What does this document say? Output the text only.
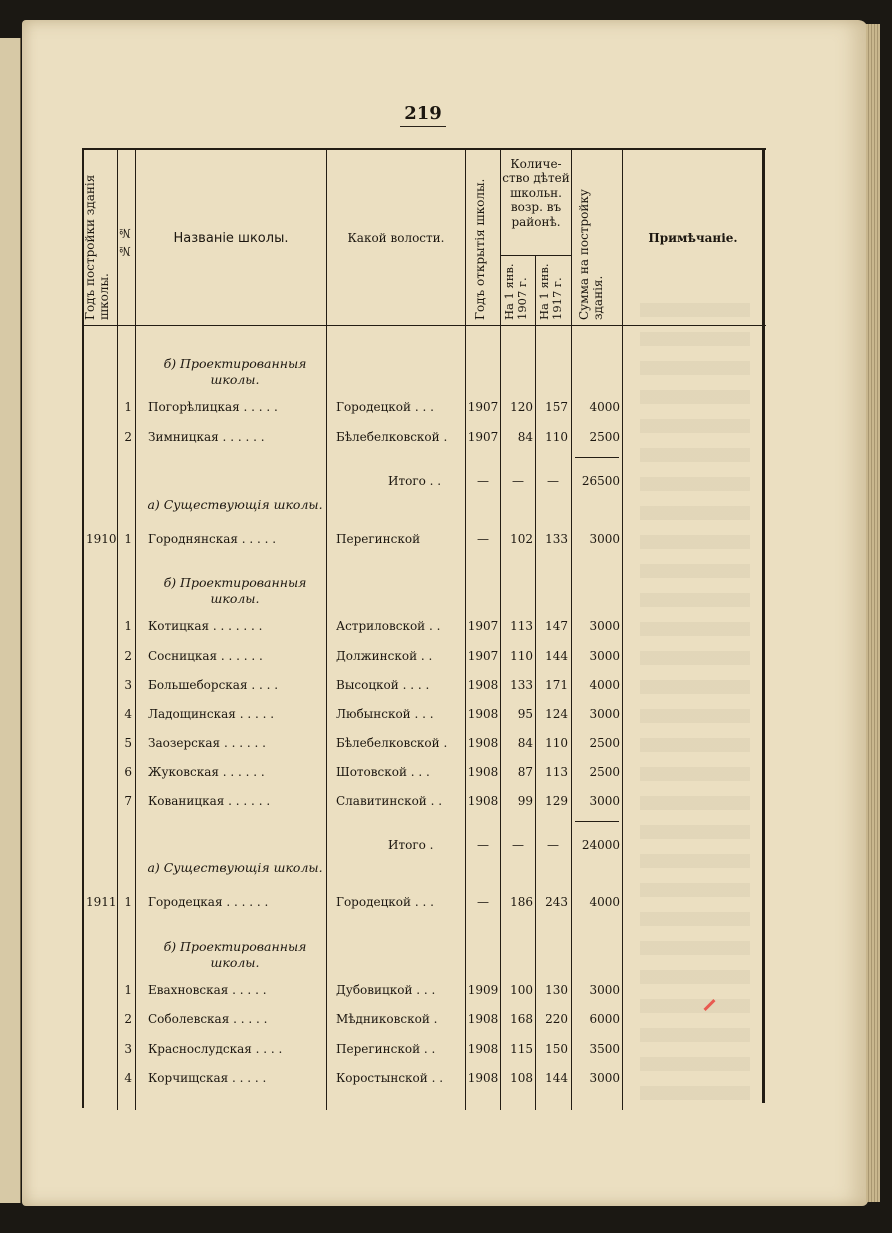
219
Годъ постройки зданія школы.
№ №	Названіе школы.	Какой волости.	Годъ открытія школы.
Количе-ство дѣтей школьн. возр. въ районѣ.
На 1 янв. 1907 г. На 1 янв. 1917 г.	Сумма на постройку зданія.
Примѣчаніе.
б) Проектированныя школы.
1 Погорѣлицкая . . . . .	Городецкой . . .	1907 120	157	4000
2 Зимницкая . . . . . .	Бѣлебелковской . 1907	84	110	2500
Итого . .	—	—	—	26500
а) Существующія школы.
1910 1 Городнянская . . . . .	Перегинской	—	102	133	3000
б) Проектированныя школы.
1 Котицкая . . . . . . .	Астриловской . . 1907 113	147	3000
2 Сосницкая . . . . . .	Должинской . .	1907 110	144	3000
3 Большеборская . . . .	Высоцкой . . . .	1908 133	171	4000
4 Ладощинская . . . . .	Любынской . . .	1908	95	124	3000
5 Заозерская . . . . . .	Бѣлебелковской . 1908	84	110	2500
6 Жуковская . . . . . .	Шотовской . . .	1908	87	113	2500
7 Кованицкая . . . . . .	Славитинской . . 1908	99	129	3000
Итого .	—	—	—	24000
а) Существующія школы.
1911 1 Городецкая . . . . . .	Городецкой . . .	—	186	243	4000
б) Проектированныя школы.
1 Евахновская . . . . .	Дубовицкой . . .	1909 100	130	3000
2 Соболевская . . . . .	Мѣдниковской .	1908 168	220	6000
3 Краснослудская . . . .	Перегинской . .	1908 115	150	3500
4 Корчищская . . . . .	Коростынской . . 1908 108	144	3000
